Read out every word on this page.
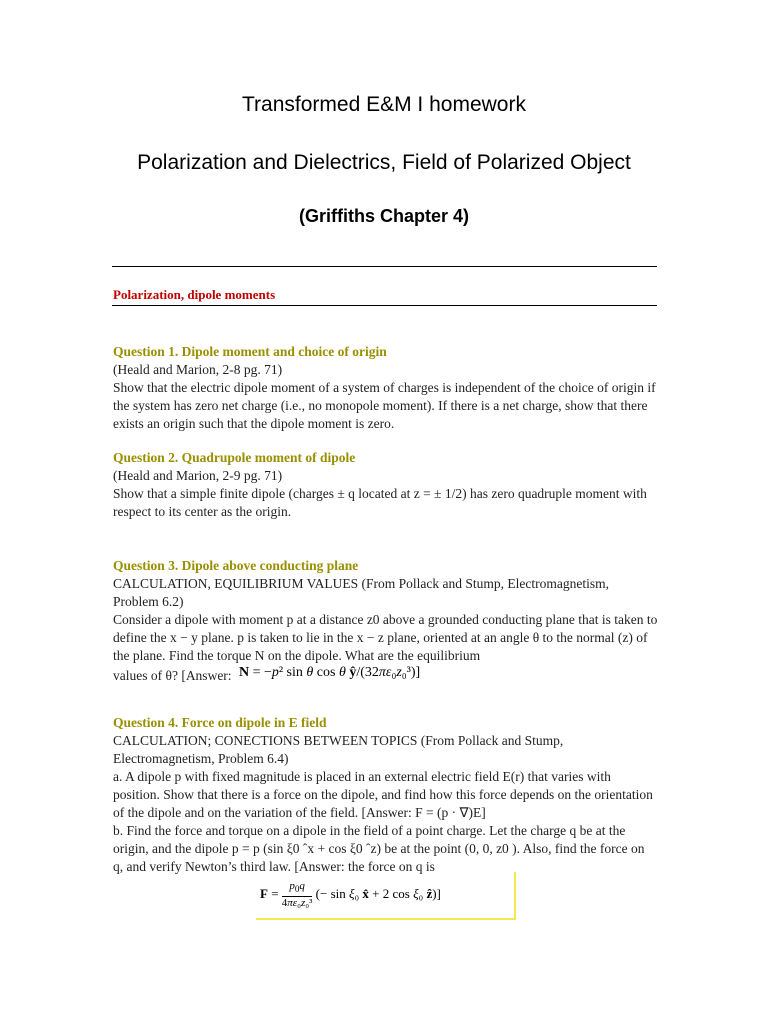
Transformed E&M I homework
Polarization and Dielectrics, Field of Polarized Object
(Griffiths Chapter 4)
Polarization, dipole moments
Question 1. Dipole moment and choice of origin
(Heald and Marion, 2-8 pg. 71)
Show that the electric dipole moment of a system of charges is independent of the choice of origin if the system has zero net charge (i.e., no monopole moment). If there is a net charge, show that there exists an origin such that the dipole moment is zero.
Question 2. Quadrupole moment of dipole
(Heald and Marion, 2-9 pg. 71)
Show that a simple finite dipole (charges ± q located at z = ± 1/2) has zero quadruple moment with respect to its center as the origin.
Question 3. Dipole above conducting plane
CALCULATION, EQUILIBRIUM VALUES (From Pollack and Stump, Electromagnetism, Problem 6.2)
Consider a dipole with moment p at a distance z0 above a grounded conducting plane that is taken to define the x − y plane. p is taken to lie in the x − z plane, oriented at an angle θ to the normal (z) of the plane. Find the torque N on the dipole. What are the equilibrium
values of θ? [Answer: N = −p² sin θ cos θ ŷ/(32πε₀z₀³)]
Question 4. Force on dipole in E field
CALCULATION; CONECTIONS BETWEEN TOPICS (From Pollack and Stump, Electromagnetism, Problem 6.4)
a. A dipole p with fixed magnitude is placed in an external electric field E(r) that varies with position. Show that there is a force on the dipole, and find how this force depends on the orientation of the dipole and on the variation of the field. [Answer: F = (p · ∇)E]
b. Find the force and torque on a dipole in the field of a point charge. Let the charge q be at the origin, and the dipole p = p (sin ξ0 ˆx + cos ξ0 ˆz) be at the point (0, 0, z0 ). Also, find the force on q, and verify Newton’s third law. [Answer: the force on q is
$F = \frac{p_0q}{\text{4πε₀z₀³}}$ (− sin ξ₀ x̂ + 2 cos ξ₀ ẑ)]
